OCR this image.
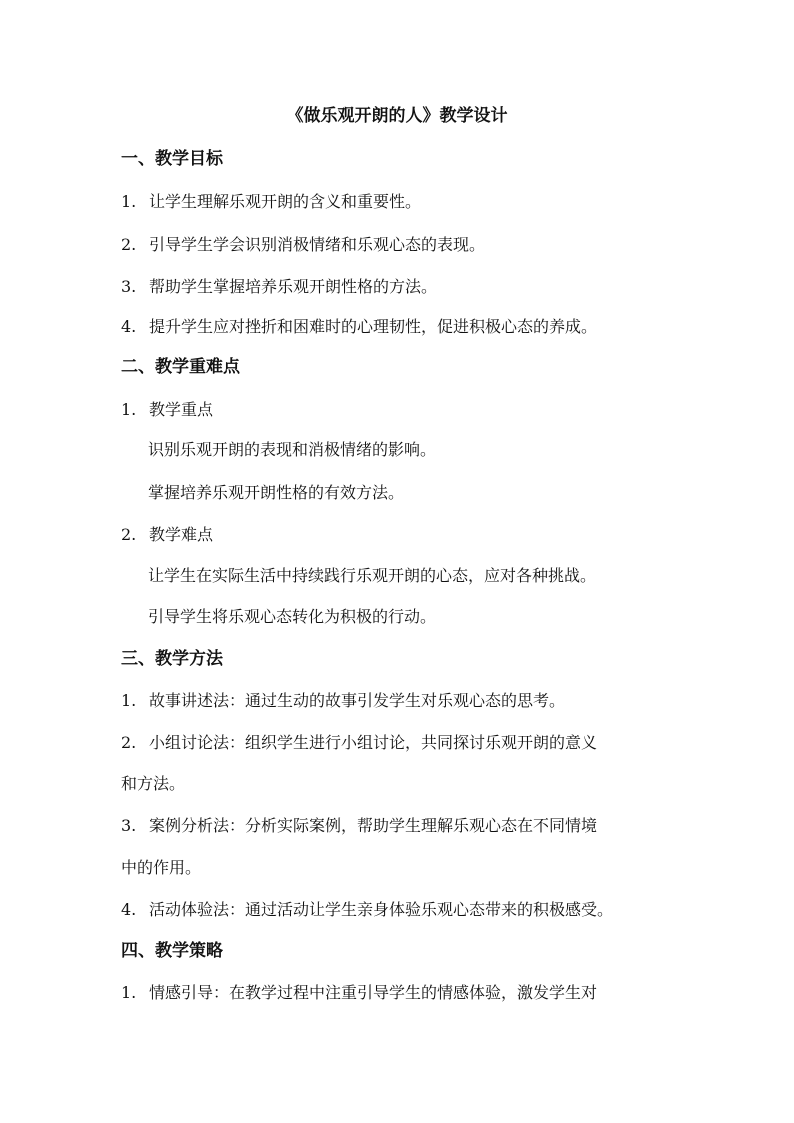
《做乐观开朗的人》教学设计
一、教学目标
1. 让学生理解乐观开朗的含义和重要性。
2. 引导学生学会识别消极情绪和乐观心态的表现。
3. 帮助学生掌握培养乐观开朗性格的方法。
4. 提升学生应对挫折和困难时的心理韧性，促进积极心态的养成。
二、教学重难点
1. 教学重点
识别乐观开朗的表现和消极情绪的影响。
掌握培养乐观开朗性格的有效方法。
2. 教学难点
让学生在实际生活中持续践行乐观开朗的心态，应对各种挑战。
引导学生将乐观心态转化为积极的行动。
三、教学方法
1. 故事讲述法：通过生动的故事引发学生对乐观心态的思考。
2. 小组讨论法：组织学生进行小组讨论，共同探讨乐观开朗的意义
和方法。
3. 案例分析法：分析实际案例，帮助学生理解乐观心态在不同情境
中的作用。
4. 活动体验法：通过活动让学生亲身体验乐观心态带来的积极感受。
四、教学策略
1. 情感引导：在教学过程中注重引导学生的情感体验，激发学生对
